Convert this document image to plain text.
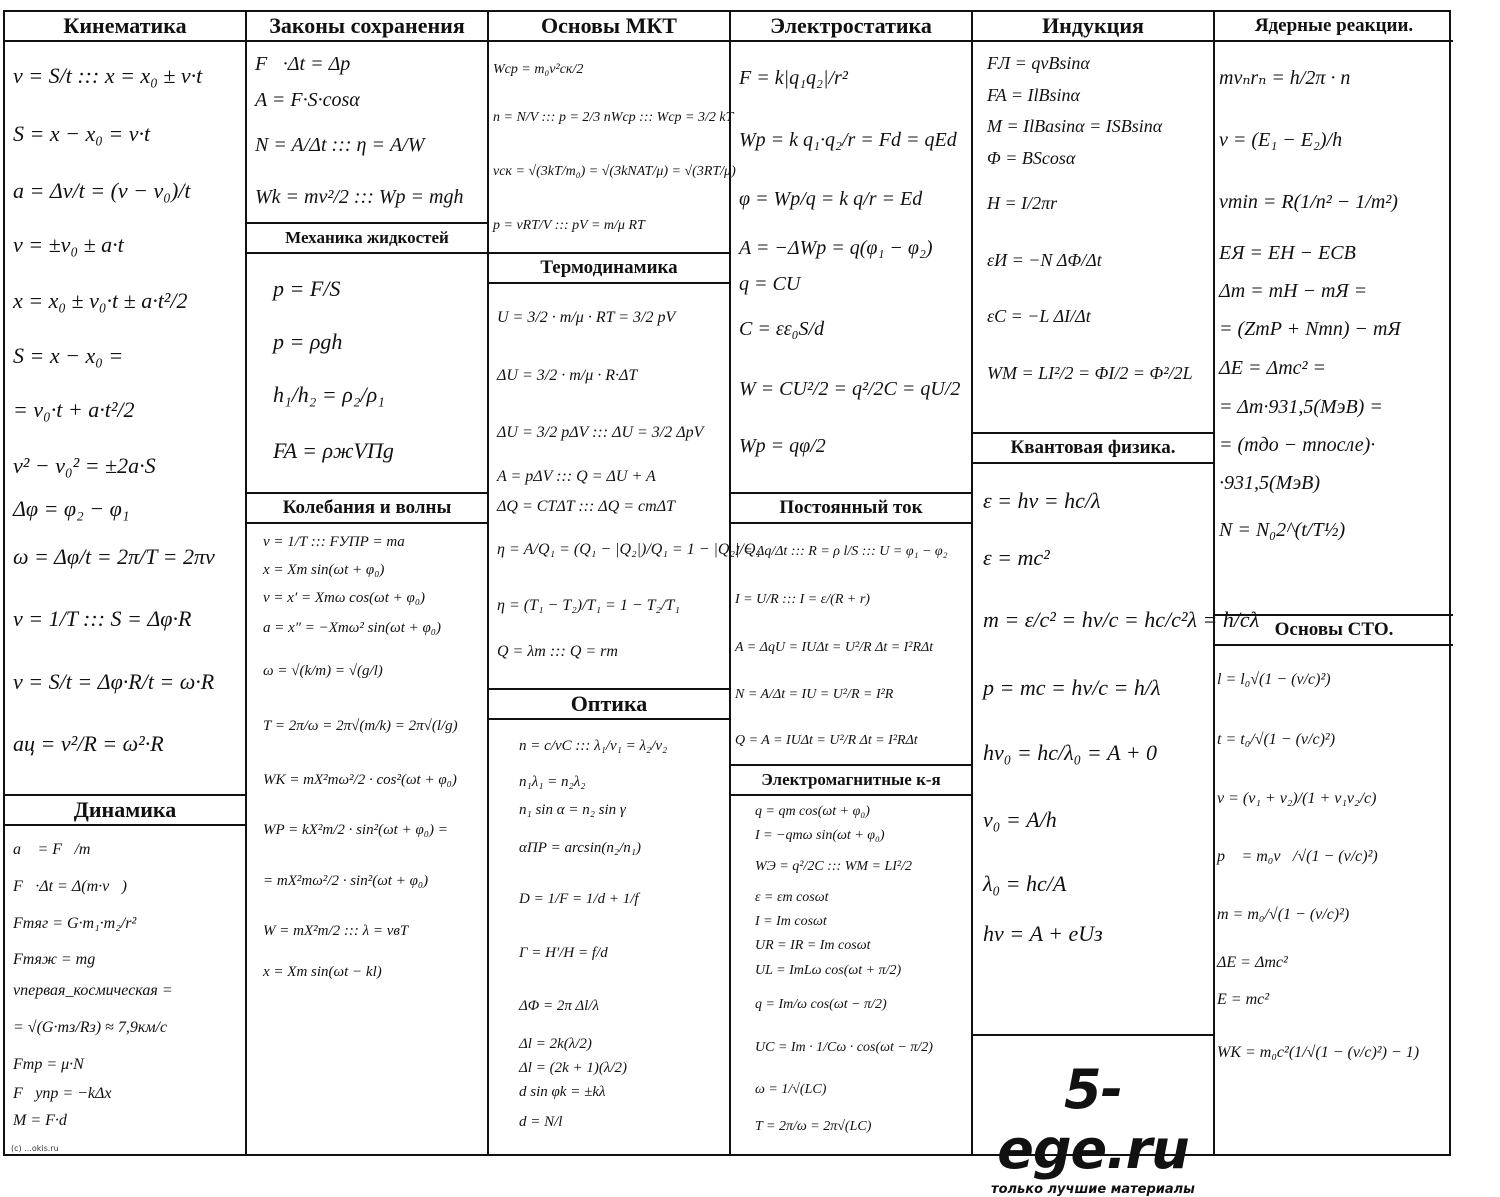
Кинематика
v = S/t ::: x = x₀ ± v·t
S = x − x₀ = v·t
a = Δv/t = (v − v₀)/t
v = ±v₀ ± a·t
x = x₀ ± v₀·t ± a·t²/2
S = x − x₀ =
= v₀·t + a·t²/2
v² − v₀² = ±2a·S
Δφ = φ₂ − φ₁
ω = Δφ/t = 2π/T = 2πν
ν = 1/T ::: S = Δφ·R
v = S/t = Δφ·R/t = ω·R
aц = v²/R = ω²·R
Динамика
a⃗ = F⃗/m
F⃗·Δt = Δ(m·v⃗)
Fтяг = G·m₁·m₂/r²
Fтяж = mg
vпервая_космическая =
= √(G·mз/Rз) ≈ 7,9км/с
Fтр = μ·N
F⃗упр = −kΔx⃗
M = F·d
(c) ...okis.ru
Законы сохранения
F⃗·Δt = Δp⃗
A = F·S·cosα
N = A/Δt ::: η = A/W
Wk = mv²/2 ::: Wp = mgh
Механика жидкостей
p = F/S
p = ρgh
h₁/h₂ = ρ₂/ρ₁
FA = ρжVПg
Колебания и волны
ν = 1/T ::: FУПР = ma
x = Xm sin(ωt + φ₀)
v = x′ = Xmω cos(ωt + φ₀)
a = x″ = −Xmω² sin(ωt + φ₀)
ω = √(k/m) = √(g/l)
T = 2π/ω = 2π√(m/k) = 2π√(l/g)
WK = mX²mω²/2 · cos²(ωt + φ₀)
WP = kX²m/2 · sin²(ωt + φ₀) =
= mX²mω²/2 · sin²(ωt + φ₀)
W = mX²m/2 ::: λ = vвT
x = Xm sin(ωt − kl)
Основы МКТ
Wср = m₀v²ск/2
n = N/V ::: p = 2/3 nWср ::: Wср = 3/2 kT
vск = √(3kT/m₀) = √(3kNAT/μ) = √(3RT/μ)
p = νRT/V ::: pV = m/μ RT
Термодинамика
U = 3/2 · m/μ · RT = 3/2 pV
ΔU = 3/2 · m/μ · R·ΔT
ΔU = 3/2 pΔV ::: ΔU = 3/2 ΔpV
A = pΔV ::: Q = ΔU + A
ΔQ = CTΔT ::: ΔQ = cmΔT
η = A/Q₁ = (Q₁ − |Q₂|)/Q₁ = 1 − |Q₂|/Q₁
η = (T₁ − T₂)/T₁ = 1 − T₂/T₁
Q = λm ::: Q = rm
Оптика
n = c/vC ::: λ₁/v₁ = λ₂/v₂
n₁λ₁ = n₂λ₂
n₁ sin α = n₂ sin γ
αПР = arcsin(n₂/n₁)
D = 1/F = 1/d + 1/f
Г = H′/H = f/d
ΔΦ = 2π Δl/λ
Δl = 2k(λ/2)
Δl = (2k + 1)(λ/2)
d sin φk = ±kλ
d = N/l
Электростатика
F = k|q₁q₂|/r²
Wp = k q₁·q₂/r = Fd = qEd
φ = Wp/q = k q/r = Ed
A = −ΔWp = q(φ₁ − φ₂)
q = CU
C = εε₀S/d
W = CU²/2 = q²/2C = qU/2
Wp = qφ/2
Постоянный ток
I = Δq/Δt ::: R = ρ l/S ::: U = φ₁ − φ₂
I = U/R ::: I = ε/(R + r)
A = ΔqU = IUΔt = U²/R Δt = I²RΔt
N = A/Δt = IU = U²/R = I²R
Q = A = IUΔt = U²/R Δt = I²RΔt
Электромагнитные к-я
q = qm cos(ωt + φ₀)
I = −qmω sin(ωt + φ₀)
WЭ = q²/2C ::: WM = LI²/2
ε = εm cosωt
I = Im cosωt
UR = IR = Im cosωt
UL = ImLω cos(ωt + π/2)
q = Im/ω cos(ωt − π/2)
UC = Im · 1/Cω · cos(ωt − π/2)
ω = 1/√(LC)
T = 2π/ω = 2π√(LC)
Индукция
FЛ = qvBsinα
FA = IlBsinα
M = IlBasinα = ISBsinα
Φ = BScosα
H = I/2πr
εИ = −N ΔΦ/Δt
εC = −L ΔI/Δt
WM = LI²/2 = ΦI/2 = Φ²/2L
Квантовая физика.
ε = hν = hc/λ
ε = mc²
m = ε/c² = hν/c = hc/c²λ = h/cλ
p = mc = hν/c = h/λ
hν₀ = hc/λ₀ = A + 0
ν₀ = A/h
λ₀ = hc/A
hν = A + eUз
5-ege.ru
только лучшие материалы
Ядерные реакции.
mvₙrₙ = h/2π · n
ν = (E₁ − E₂)/h
νmin = R(1/n² − 1/m²)
EЯ = EН − EСВ
Δm = mН − mЯ =
= (ZmP + Nmn) − mЯ
ΔE = Δmc² =
= Δm·931,5(МэВ) =
= (mдо − mпосле)·
·931,5(МэВ)
N = N₀2^(t/T½)
Основы СТО.
l = l₀√(1 − (v/c)²)
t = t₀/√(1 − (v/c)²)
v = (v₁ + v₂)/(1 + v₁v₂/c)
p⃗ = m₀v⃗/√(1 − (v/c)²)
m = m₀/√(1 − (v/c)²)
ΔE = Δmc²
E = mc²
WK = m₀c²(1/√(1 − (v/c)²) − 1)
